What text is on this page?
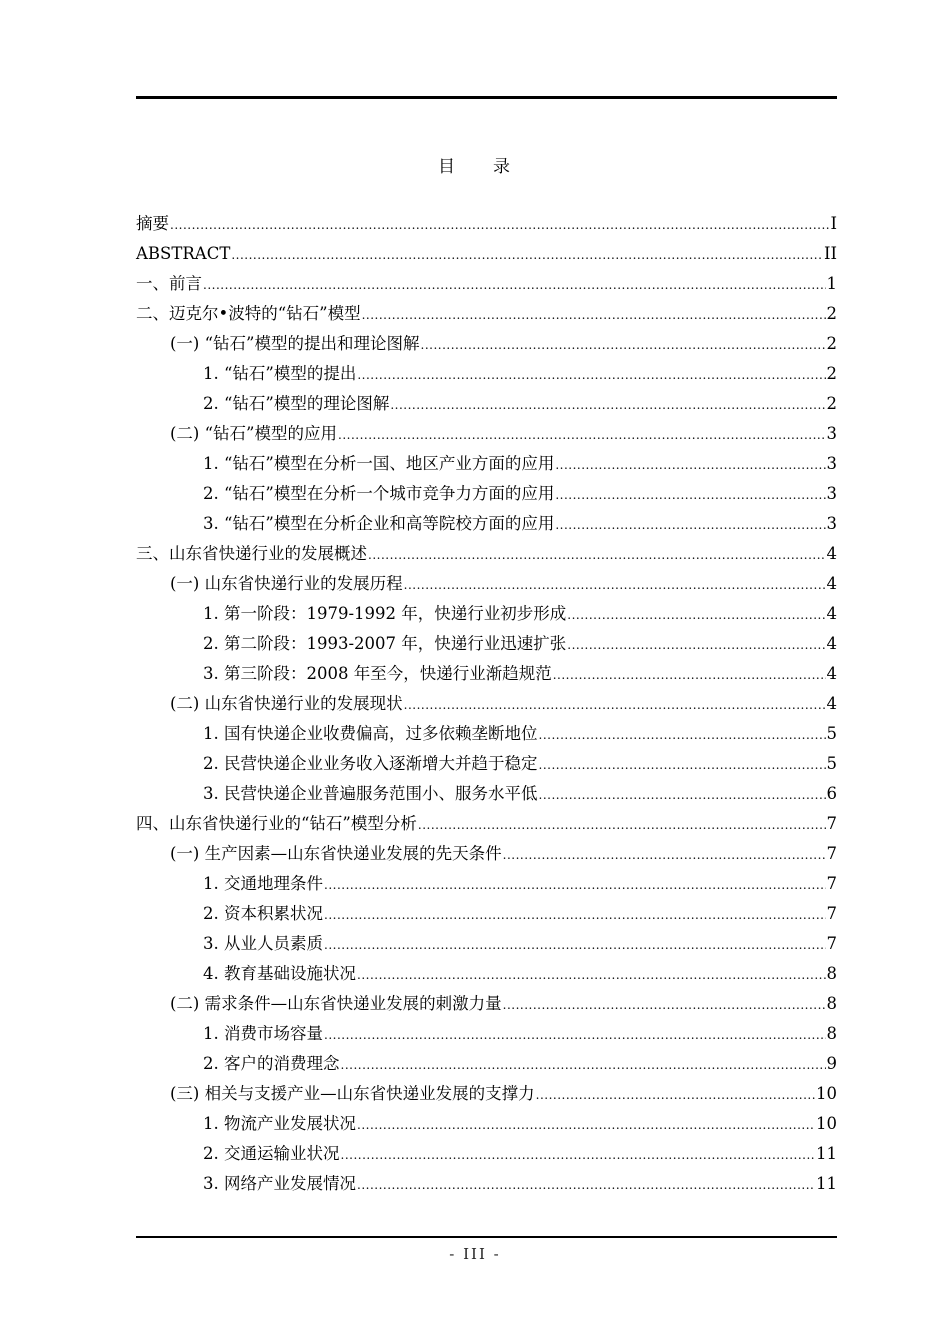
目 录
摘要 .....	I
ABSTRACT .....	II
一、前言 .....	1
二、迈克尔•波特的“钻石”模型 .....	2
(一) “钻石”模型的提出和理论图解 .....	2
1. “钻石”模型的提出 .....	2
2. “钻石”模型的理论图解 .....	2
(二) “钻石”模型的应用 .....	3
1. “钻石”模型在分析一国、地区产业方面的应用 .....	3
2. “钻石”模型在分析一个城市竞争力方面的应用 .....	3
3. “钻石”模型在分析企业和高等院校方面的应用 .....	3
三、山东省快递行业的发展概述 .....	4
(一) 山东省快递行业的发展历程 .....	4
1. 第一阶段：1979-1992 年，快递行业初步形成 .....	4
2. 第二阶段：1993-2007 年，快递行业迅速扩张 .....	4
3. 第三阶段：2008 年至今，快递行业渐趋规范 .....	4
(二) 山东省快递行业的发展现状 .....	4
1. 国有快递企业收费偏高，过多依赖垄断地位 .....	5
2. 民营快递企业业务收入逐渐增大并趋于稳定 .....	5
3. 民营快递企业普遍服务范围小、服务水平低 .....	6
四、山东省快递行业的“钻石”模型分析 .....	7
(一) 生产因素—山东省快递业发展的先天条件 .....	7
1. 交通地理条件 .....	7
2. 资本积累状况 .....	7
3. 从业人员素质 .....	7
4. 教育基础设施状况 .....	8
(二) 需求条件—山东省快递业发展的刺激力量 .....	8
1. 消费市场容量 .....	8
2. 客户的消费理念 .....	9
(三) 相关与支援产业—山东省快递业发展的支撑力 .....	10
1. 物流产业发展状况 .....	10
2. 交通运输业状况 .....	11
3. 网络产业发展情况 .....	11
- III -
